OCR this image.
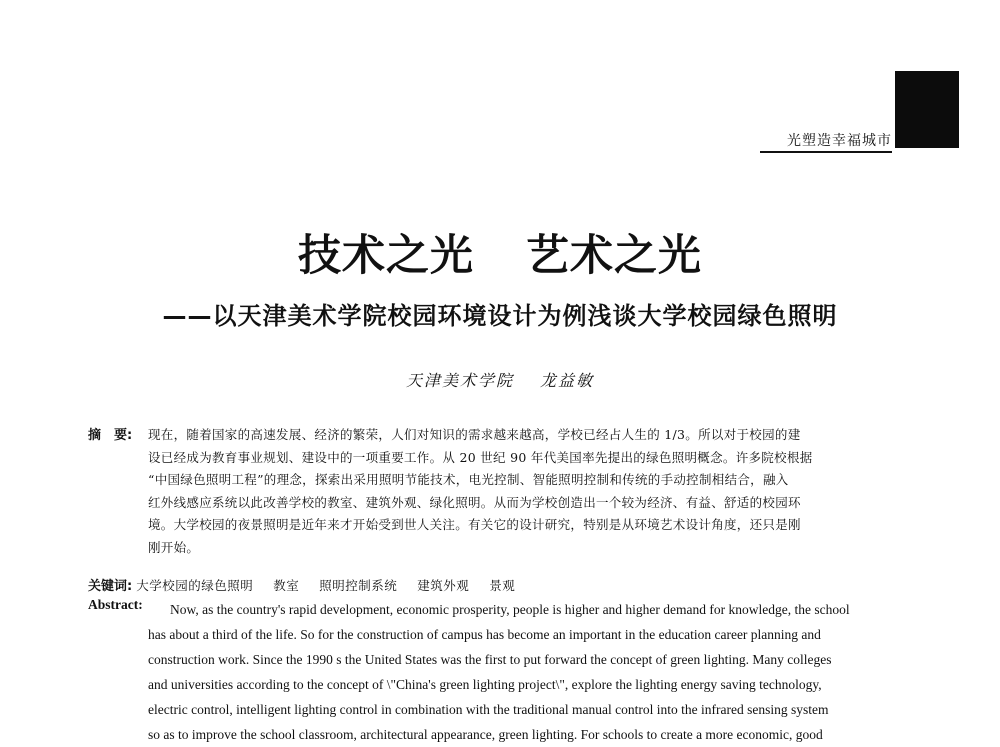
光塑造幸福城市
技术之光 艺术之光
——以天津美术学院校园环境设计为例浅谈大学校园绿色照明
天津美术学院 龙益敏
摘　要:	现在，随着国家的高速发展、经济的繁荣，人们对知识的需求越来越高，学校已经占人生的 1/3。所以对于校园的建
设已经成为教育事业规划、建设中的一项重要工作。从 20 世纪 90 年代美国率先提出的绿色照明概念。许多院校根据
“中国绿色照明工程”的理念，探索出采用照明节能技术，电光控制、智能照明控制和传统的手动控制相结合，融入
红外线感应系统以此改善学校的教室、建筑外观、绿化照明。从而为学校创造出一个较为经济、有益、舒适的校园环
境。大学校园的夜景照明是近年来才开始受到世人关注。有关它的设计研究，特别是从环境艺术设计角度，还只是刚
刚开始。
关键词: 大学校园的绿色照明 教室 照明控制系统 建筑外观 景观
Abstract:	Now, as the country's rapid development, economic prosperity, people is higher and higher demand for knowledge, the school
has about a third of the life. So for the construction of campus has become an important in the education career planning and
construction work. Since the 1990 s the United States was the first to put forward the concept of green lighting. Many colleges
and universities according to the concept of \"China's green lighting project\", explore the lighting energy saving technology,
electric control, intelligent lighting control in combination with the traditional manual control into the infrared sensing system
so as to improve the school classroom, architectural appearance, green lighting. For schools to create a more economic, good
